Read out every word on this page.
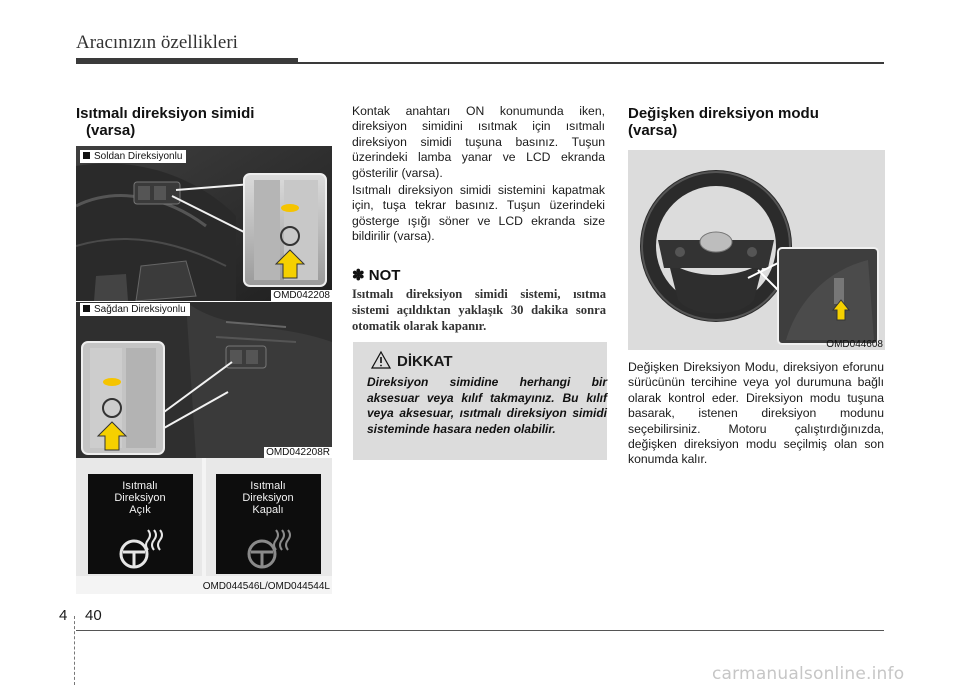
Aracınızın özellikleri
Isıtmalı direksiyon simidi
(varsa)
Soldan Direksiyonlu
OMD042208
Sağdan Direksiyonlu
OMD042208R
Isıtmalı
Direksiyon
Açık
Isıtmalı
Direksiyon
Kapalı
OMD044546L/OMD044544L

Kontak anahtarı ON konumunda iken, direksiyon simidini ısıtmak için ısıtmalı direksiyon simidi tuşuna basınız. Tuşun üzerindeki lamba yanar ve LCD ekranda gösterilir (varsa).

Isıtmalı direksiyon simidi sistemini kapatmak için, tuşa tekrar basınız. Tuşun üzerindeki gösterge ışığı söner ve LCD ekranda size bildirilir (varsa).

✽ NOT
Isıtmalı direksiyon simidi sistemi, ısıtma sistemi açıldıktan yaklaşık 30 dakika sonra otomatik olarak kapanır.
DİKKAT
Direksiyon simidine herhangi bir aksesuar veya kılıf takmayınız. Bu kılıf veya aksesuar, ısıtmalı direksiyon simidi sisteminde hasara neden olabilir.
Değişken direksiyon modu
(varsa)
OMD044608
Değişken Direksiyon Modu, direksiyon eforunu sürücünün tercihine veya yol durumuna bağlı olarak kontrol eder. Direksiyon modu tuşuna basarak, istenen direksiyon modunu seçebilirsiniz. Motoru çalıştırdığınızda, değişken direksiyon modu seçilmiş olan son konumda kalır.
4 40
carmanualsonline.info
